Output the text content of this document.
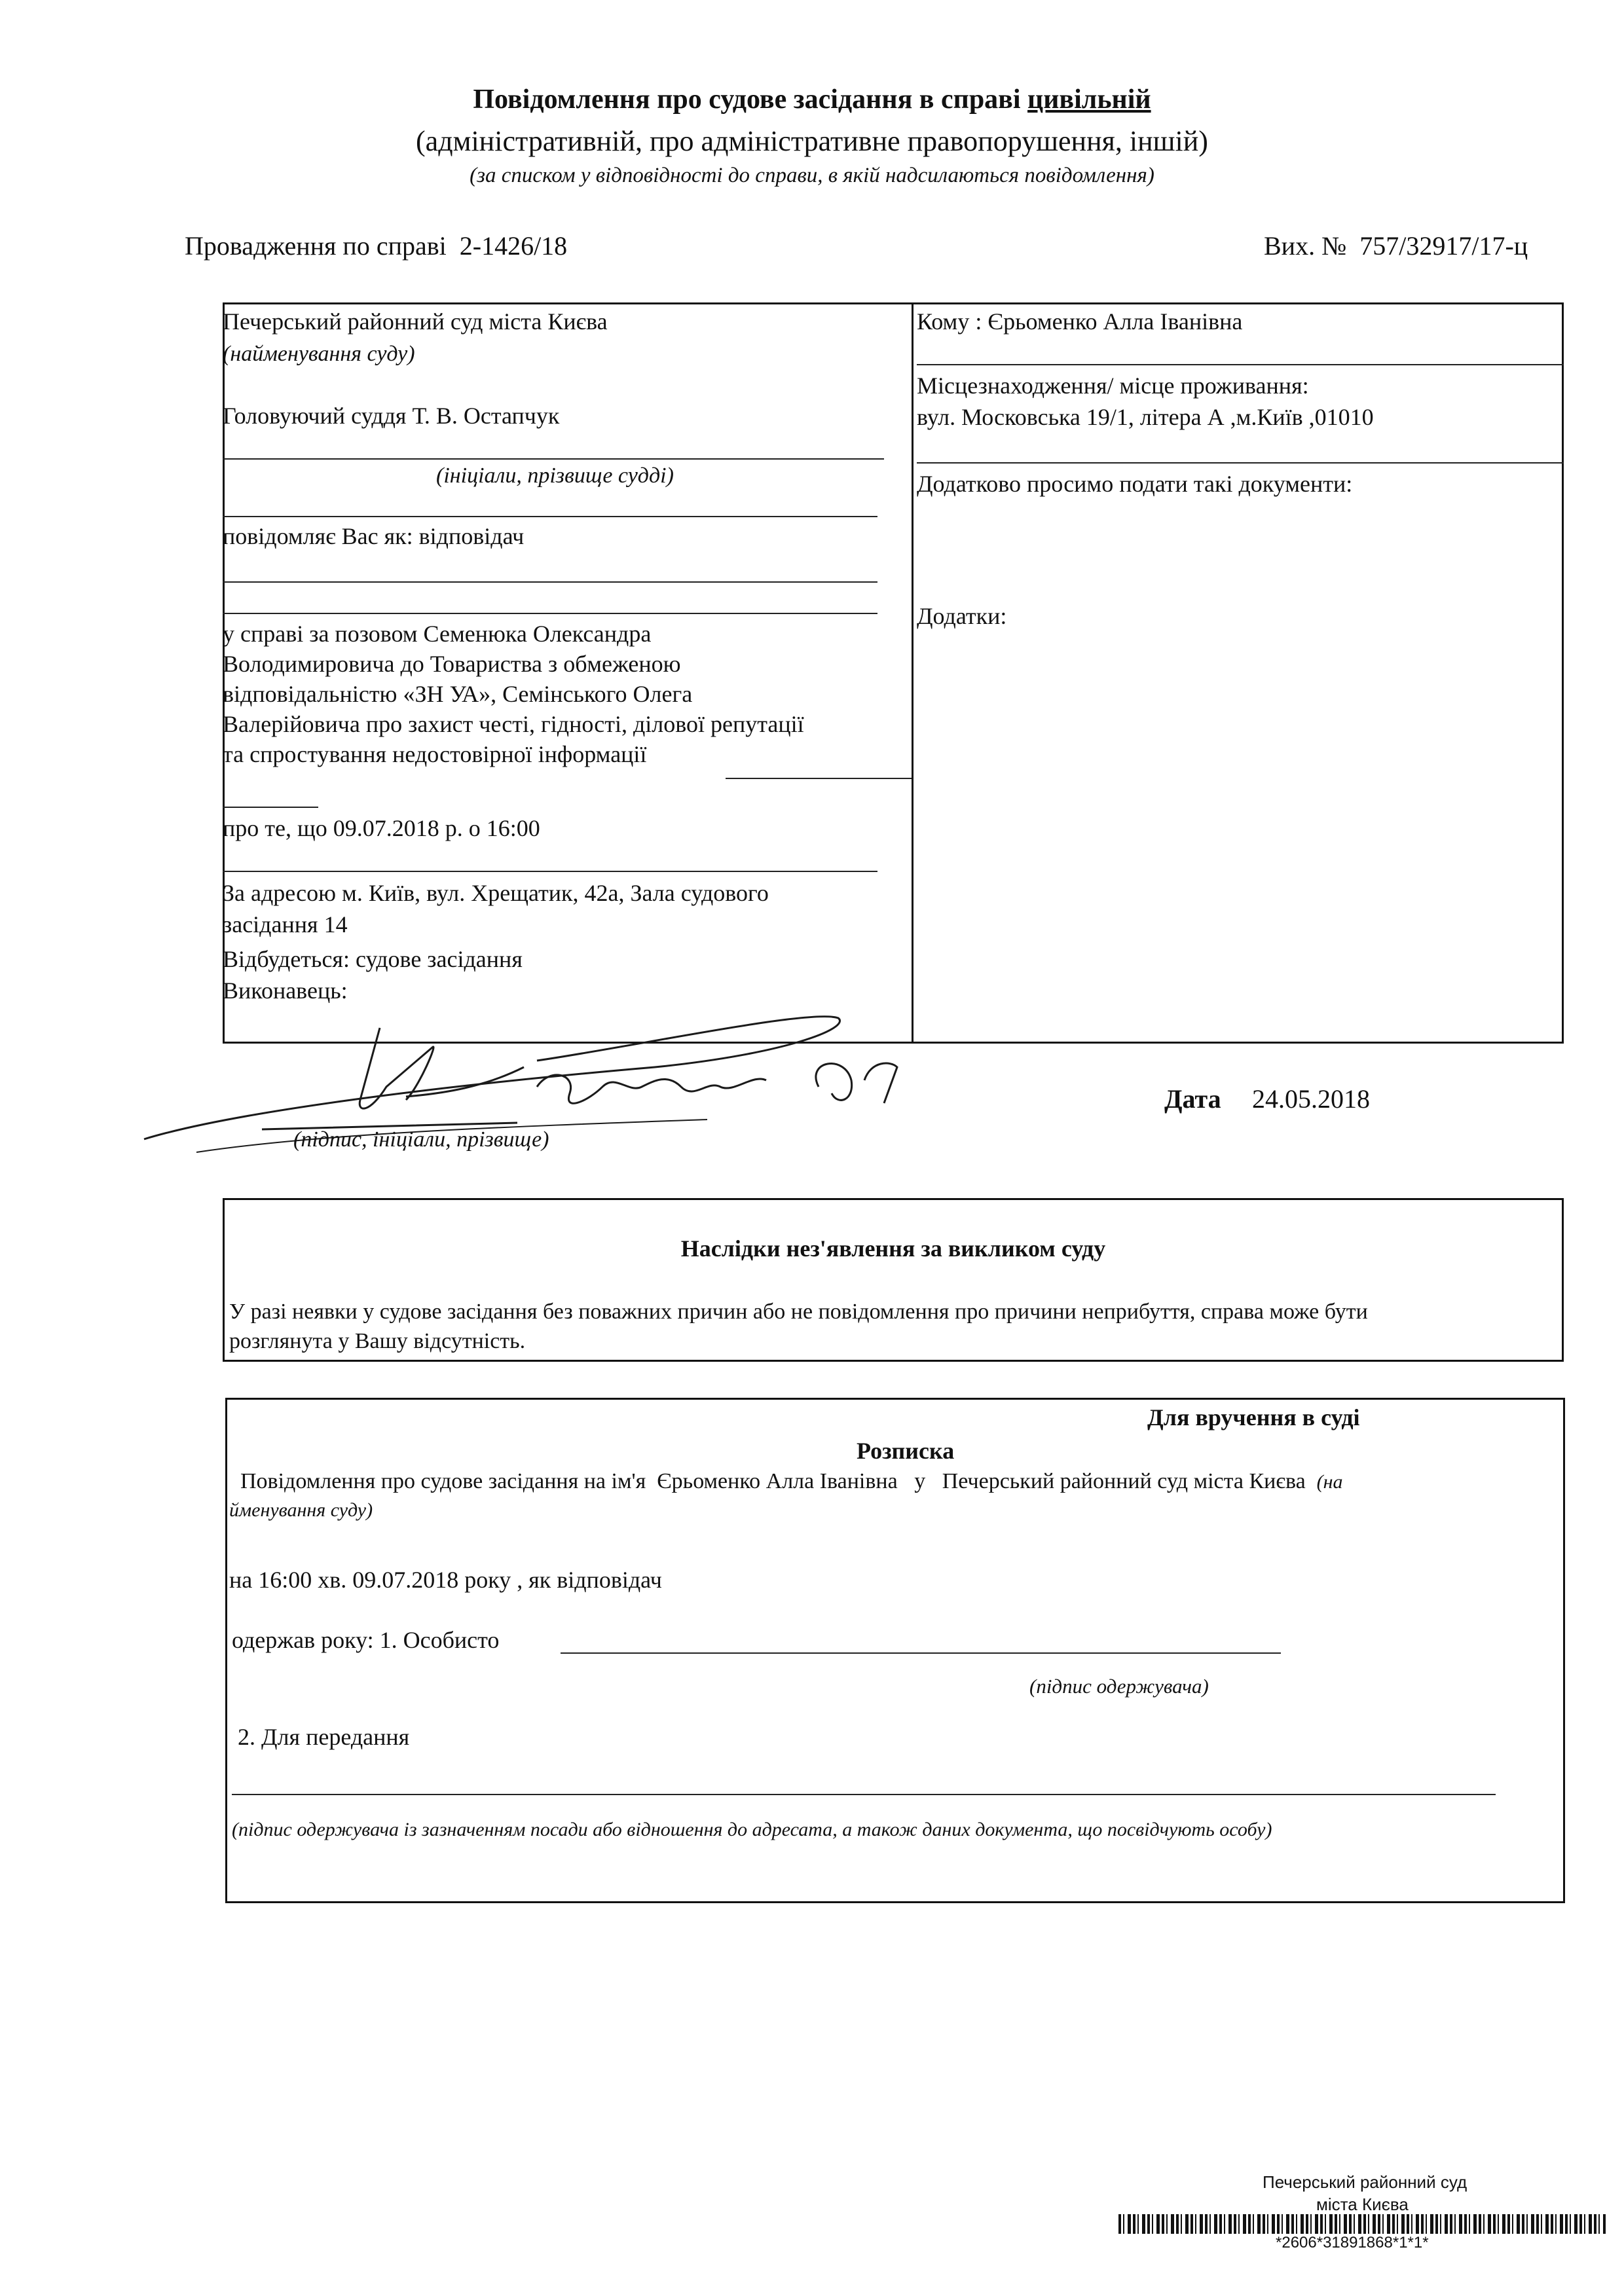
Повідомлення про судове засідання в справі цивільній
(адміністративній, про адміністративне правопорушення, іншій)
(за списком у відповідності до справи, в якій надсилаються повідомлення)
Провадження по справі 2-1426/18	Вих. № 757/32917/17-ц
Печерський районний суд міста Києва
(найменування суду)
Головуючий суддя Т. В. Остапчук
(ініціали, прізвище судді)
повідомляє Вас як: відповідач
у справі за позовом Семенюка Олександра
Володимировича до Товариства з обмеженою
відповідальністю «ЗН УА», Семінського Олега
Валерійовича про захист честі, гідності, ділової репутації
та спростування недостовірної інформації
про те, що 09.07.2018 р. о 16:00
За адресою м. Київ, вул. Хрещатик, 42а, Зала судового
засідання 14
Відбудеться: судове засідання
Виконавець:
Кому : Єрьоменко Алла Іванівна
Місцезнаходження/ місце проживання:
вул. Московська 19/1, літера А ,м.Київ ,01010
Додатково просимо подати такі документи:
Додатки:
(підпис, ініціали, прізвище)
Дата 24.05.2018
Наслідки нез'явлення за викликом суду
У разі неявки у судове засідання без поважних причин або не повідомлення про причини неприбуття, справа може бути
розглянута у Вашу відсутність.
Для вручення в суді
Розписка
Повідомлення про судове засідання на ім'я  Єрьоменко Алла Іванівна   у   Печерський районний суд міста Києва (на
йменування суду)
на 16:00 хв. 09.07.2018 року , як відповідач
одержав року: 1. Особисто
(підпис одержувача)
2. Для передання
(підпис одержувача із зазначенням посади або відношення до адресата, а також даних документа, що посвідчують особу)
Печерський районний суд
міста Києва
*2606*31891868*1*1*
